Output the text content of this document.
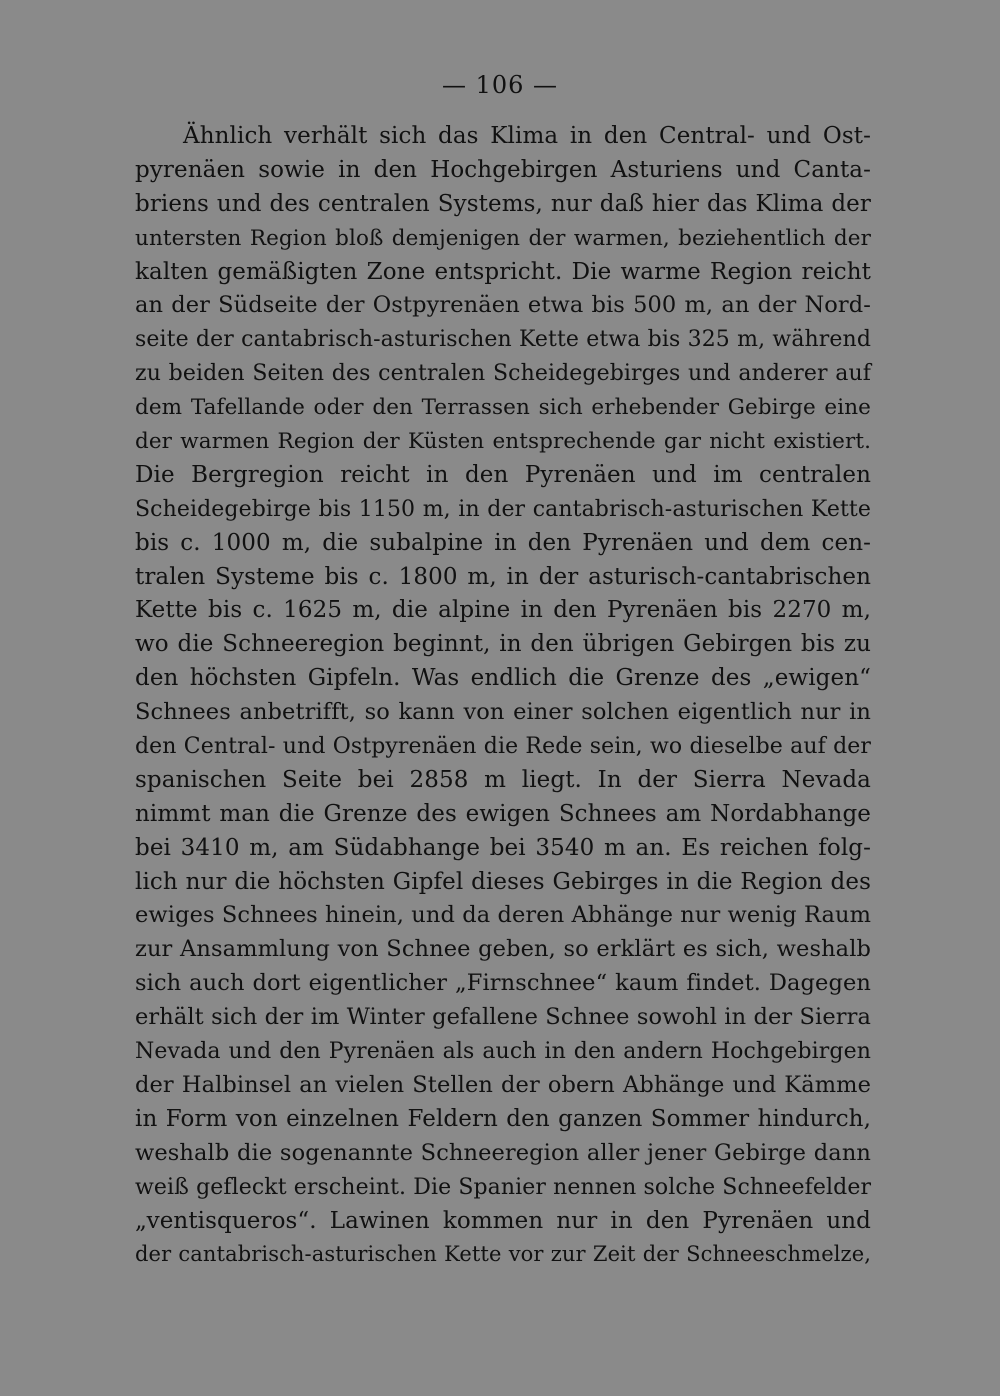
— 106 —
Ähnlich verhält sich das Klima in den Central- und Ost-
pyrenäen sowie in den Hochgebirgen Asturiens und Canta-
briens und des centralen Systems, nur daß hier das Klima der
untersten Region bloß demjenigen der warmen, beziehentlich der
kalten gemäßigten Zone entspricht. Die warme Region reicht
an der Südseite der Ostpyrenäen etwa bis 500 m, an der Nord-
seite der cantabrisch-asturischen Kette etwa bis 325 m, während
zu beiden Seiten des centralen Scheidegebirges und anderer auf
dem Tafellande oder den Terrassen sich erhebender Gebirge eine
der warmen Region der Küsten entsprechende gar nicht existiert.
Die Bergregion reicht in den Pyrenäen und im centralen
Scheidegebirge bis 1150 m, in der cantabrisch-asturischen Kette
bis c. 1000 m, die subalpine in den Pyrenäen und dem cen-
tralen Systeme bis c. 1800 m, in der asturisch-cantabrischen
Kette bis c. 1625 m, die alpine in den Pyrenäen bis 2270 m,
wo die Schneeregion beginnt, in den übrigen Gebirgen bis zu
den höchsten Gipfeln. Was endlich die Grenze des „ewigen“
Schnees anbetrifft, so kann von einer solchen eigentlich nur in
den Central- und Ostpyrenäen die Rede sein, wo dieselbe auf der
spanischen Seite bei 2858 m liegt. In der Sierra Nevada
nimmt man die Grenze des ewigen Schnees am Nordabhange
bei 3410 m, am Südabhange bei 3540 m an. Es reichen folg-
lich nur die höchsten Gipfel dieses Gebirges in die Region des
ewiges Schnees hinein, und da deren Abhänge nur wenig Raum
zur Ansammlung von Schnee geben, so erklärt es sich, weshalb
sich auch dort eigentlicher „Firnschnee“ kaum findet. Dagegen
erhält sich der im Winter gefallene Schnee sowohl in der Sierra
Nevada und den Pyrenäen als auch in den andern Hochgebirgen
der Halbinsel an vielen Stellen der obern Abhänge und Kämme
in Form von einzelnen Feldern den ganzen Sommer hindurch,
weshalb die sogenannte Schneeregion aller jener Gebirge dann
weiß gefleckt erscheint. Die Spanier nennen solche Schneefelder
„ventisqueros“. Lawinen kommen nur in den Pyrenäen und
der cantabrisch-asturischen Kette vor zur Zeit der Schneeschmelze,
